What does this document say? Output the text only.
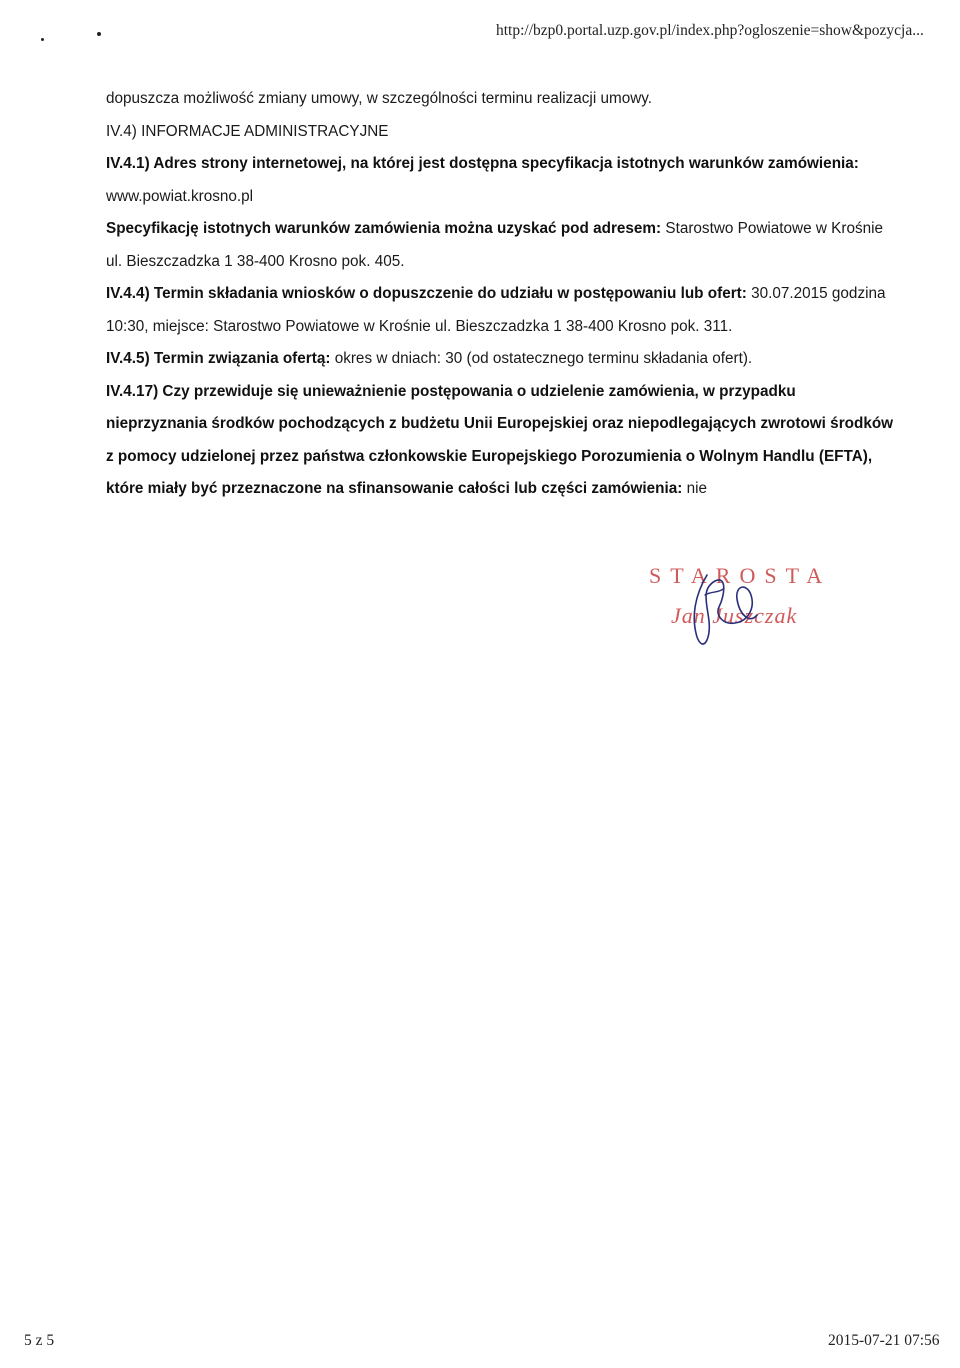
http://bzp0.portal.uzp.gov.pl/index.php?ogloszenie=show&pozycja...

dopuszcza możliwość zmiany umowy, w szczególności terminu realizacji umowy.

IV.4) INFORMACJE ADMINISTRACYJNE

IV.4.1) Adres strony internetowej, na której jest dostępna specyfikacja istotnych warunków zamówienia: www.powiat.krosno.pl

Specyfikację istotnych warunków zamówienia można uzyskać pod adresem: Starostwo Powiatowe w Krośnie ul. Bieszczadzka 1 38-400 Krosno pok. 405.

IV.4.4) Termin składania wniosków o dopuszczenie do udziału w postępowaniu lub ofert: 30.07.2015 godzina 10:30, miejsce: Starostwo Powiatowe w Krośnie ul. Bieszczadzka 1 38-400 Krosno pok. 311.

IV.4.5) Termin związania ofertą: okres w dniach: 30 (od ostatecznego terminu składania ofert).

IV.4.17) Czy przewiduje się unieważnienie postępowania o udzielenie zamówienia, w przypadku nieprzyznania środków pochodzących z budżetu Unii Europejskiej oraz niepodlegających zwrotowi środków z pomocy udzielonej przez państwa członkowskie Europejskiego Porozumienia o Wolnym Handlu (EFTA), które miały być przeznaczone na sfinansowanie całości lub części zamówienia: nie

STAROSTA
Jan Juszczak
5 z 5	2015-07-21 07:56
